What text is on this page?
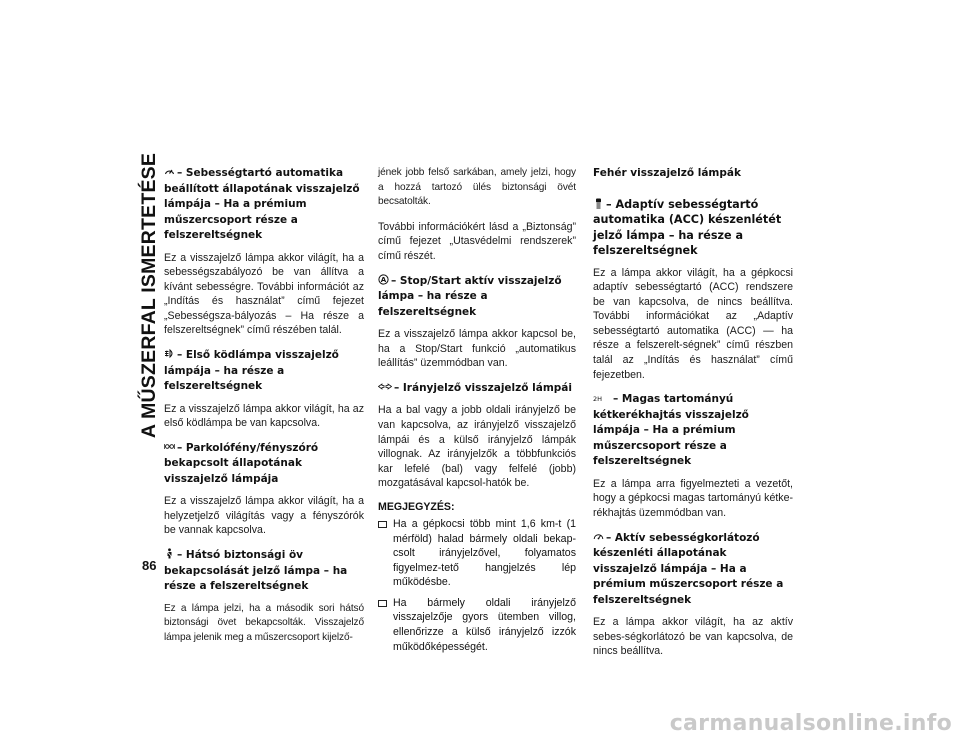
A MŰSZERFAL ISMERTETÉSE
86
– Sebességtartó automatika beállított állapotának visszajelző lámpája – Ha a prémium műszercsoport része a felszereltségnek

Ez a visszajelző lámpa akkor világít, ha a sebességszabályozó be van állítva a kívánt sebességre. További információt az „Indítás és használat” című fejezet „Sebességsza-bályozás – Ha része a felszereltségnek” című részében talál.

– Első ködlámpa visszajelző lámpája – ha része a felszereltségnek

Ez a visszajelző lámpa akkor világít, ha az első ködlámpa be van kapcsolva.

– Parkolófény/fényszóró bekapcsolt állapotának visszajelző lámpája

Ez a visszajelző lámpa akkor világít, ha a helyzetjelző világítás vagy a fényszórók be vannak kapcsolva.

– Hátsó biztonsági öv bekapcsolását jelző lámpa – ha része a felszereltségnek

Ez a lámpa jelzi, ha a második sori hátsó biztonsági övet bekapcsolták. Visszajelző lámpa jelenik meg a műszercsoport kijelző-

jének jobb felső sarkában, amely jelzi, hogy a hozzá tartozó ülés biztonsági övét becsatolták.

További információkért lásd a „Biztonság” című fejezet „Utasvédelmi rendszerek” című részét.

A – Stop/Start aktív visszajelző lámpa – ha része a felszereltségnek

Ez a visszajelző lámpa akkor kapcsol be, ha a Stop/Start funkció „automatikus leállítás” üzemmódban van.

– Irányjelző visszajelző lámpái

Ha a bal vagy a jobb oldali irányjelző be van kapcsolva, az irányjelző visszajelző lámpái és a külső irányjelző lámpák villognak. Az irányjelzők a többfunkciós kar lefelé (bal) vagy felfelé (jobb) mozgatásával kapcsol-hatók be.

MEGJEGYZÉS:
Ha a gépkocsi több mint 1,6 km-t (1 mérföld) halad bármely oldali bekap-csolt irányjelzővel, folyamatos figyelmez-tető hangjelzés lép működésbe.
Ha bármely oldali irányjelző visszajelzője gyors ütemben villog, ellenőrizze a külső irányjelző izzók működőképességét.
Fehér visszajelző lámpák
– Adaptív sebességtartó automatika (ACC) készenlétét jelző lámpa – ha része a felszereltségnek

Ez a lámpa akkor világít, ha a gépkocsi adaptív sebességtartó (ACC) rendszere be van kapcsolva, de nincs beállítva. További információkat az „Adaptív sebességtartó automatika (ACC) — ha része a felszerelt-ségnek” című részben talál az „Indítás és használat” című fejezetben.

2H – Magas tartományú kétkerékhajtás visszajelző lámpája – Ha a prémium műszercsoport része a felszereltségnek

Ez a lámpa arra figyelmezteti a vezetőt, hogy a gépkocsi magas tartományú kétke-rékhajtás üzemmódban van.

– Aktív sebességkorlátozó készenléti állapotának visszajelző lámpája – Ha a prémium műszercsoport része a felszereltségnek

Ez a lámpa akkor világít, ha az aktív sebes-ségkorlátozó be van kapcsolva, de nincs beállítva.

carmanualsonline.info
